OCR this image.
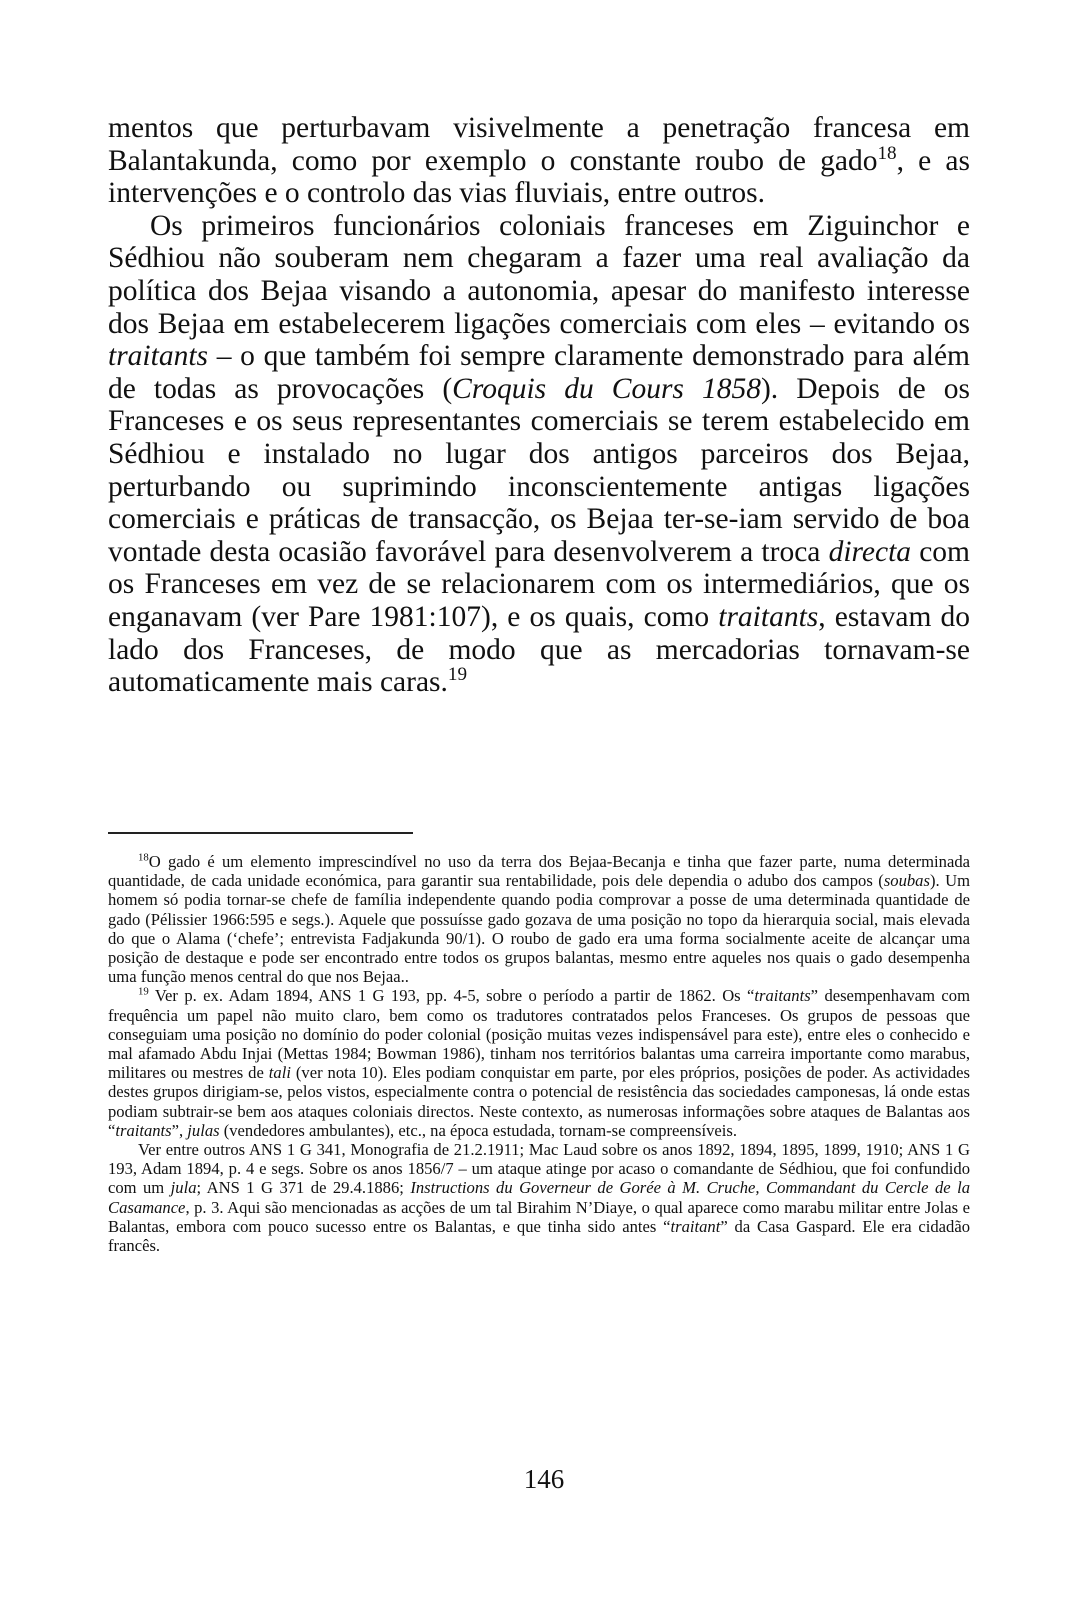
mentos que perturbavam visivelmente a penetração francesa em Balantakunda, como por exemplo o constante roubo de gado$^{18}$, e as intervenções e o controlo das vias fluviais, entre outros.

Os primeiros funcionários coloniais franceses em Ziguinchor e Sédhiou não souberam nem chegaram a fazer uma real avaliação da política dos Bejaa visando a autonomia, apesar do manifesto interesse dos Bejaa em estabelecerem ligações comerciais com eles – evitando os traitants – o que também foi sempre claramente demonstrado para além de todas as provocações (Croquis du Cours 1858). Depois de os Franceses e os seus representantes comerciais se terem estabelecido em Sédhiou e instalado no lugar dos antigos parceiros dos Bejaa, perturbando ou suprimindo inconscientemente antigas ligações comerciais e práticas de transacção, os Bejaa ter-se-iam servido de boa vontade desta ocasião favorável para desenvolverem a troca directa com os Franceses em vez de se relacionarem com os intermediários, que os enganavam (ver Pare 1981:107), e os quais, como traitants, estavam do lado dos Franceses, de modo que as mercadorias tornavam-se automaticamente mais caras.$^{19}$

$^{18}$O gado é um elemento imprescindível no uso da terra dos Bejaa-Becanja e tinha que fazer parte, numa determinada quantidade, de cada unidade económica, para garantir sua rentabilidade, pois dele dependia o adubo dos campos (soubas). Um homem só podia tornar-se chefe de família independente quando podia comprovar a posse de uma determinada quantidade de gado (Pélissier 1966:595 e segs.). Aquele que possuísse gado gozava de uma posição no topo da hierarquia social, mais elevada do que o Alama (‘chefe’; entrevista Fadjakunda 90/1). O roubo de gado era uma forma socialmente aceite de alcançar uma posição de destaque e pode ser encontrado entre todos os grupos balantas, mesmo entre aqueles nos quais o gado desempenha uma função menos central do que nos Bejaa..

$^{19}$ Ver p. ex. Adam 1894, ANS 1 G 193, pp. 4-5, sobre o período a partir de 1862. Os “traitants” desempenhavam com frequência um papel não muito claro, bem como os tradutores contratados pelos Franceses. Os grupos de pessoas que conseguiam uma posição no domínio do poder colonial (posição muitas vezes indispensável para este), entre eles o conhecido e mal afamado Abdu Injai (Mettas 1984; Bowman 1986), tinham nos territórios balantas uma carreira importante como marabus, militares ou mestres de tali (ver nota 10). Eles podiam conquistar em parte, por eles próprios, posições de poder. As actividades destes grupos dirigiam-se, pelos vistos, especialmente contra o potencial de resistência das sociedades camponesas, lá onde estas podiam subtrair-se bem aos ataques coloniais directos. Neste contexto, as numerosas informações sobre ataques de Balantas aos “traitants”, julas (vendedores ambulantes), etc., na época estudada, tornam-se compreensíveis.

Ver entre outros ANS 1 G 341, Monografia de 21.2.1911; Mac Laud sobre os anos 1892, 1894, 1895, 1899, 1910; ANS 1 G 193, Adam 1894, p. 4 e segs. Sobre os anos 1856/7 – um ataque atinge por acaso o comandante de Sédhiou, que foi confundido com um jula; ANS 1 G 371 de 29.4.1886; Instructions du Governeur de Gorée à M. Cruche, Commandant du Cercle de la Casamance, p. 3. Aqui são mencionadas as acções de um tal Birahim N’Diaye, o qual aparece como marabu militar entre Jolas e Balantas, embora com pouco sucesso entre os Balantas, e que tinha sido antes “traitant” da Casa Gaspard. Ele era cidadão francês.

146
